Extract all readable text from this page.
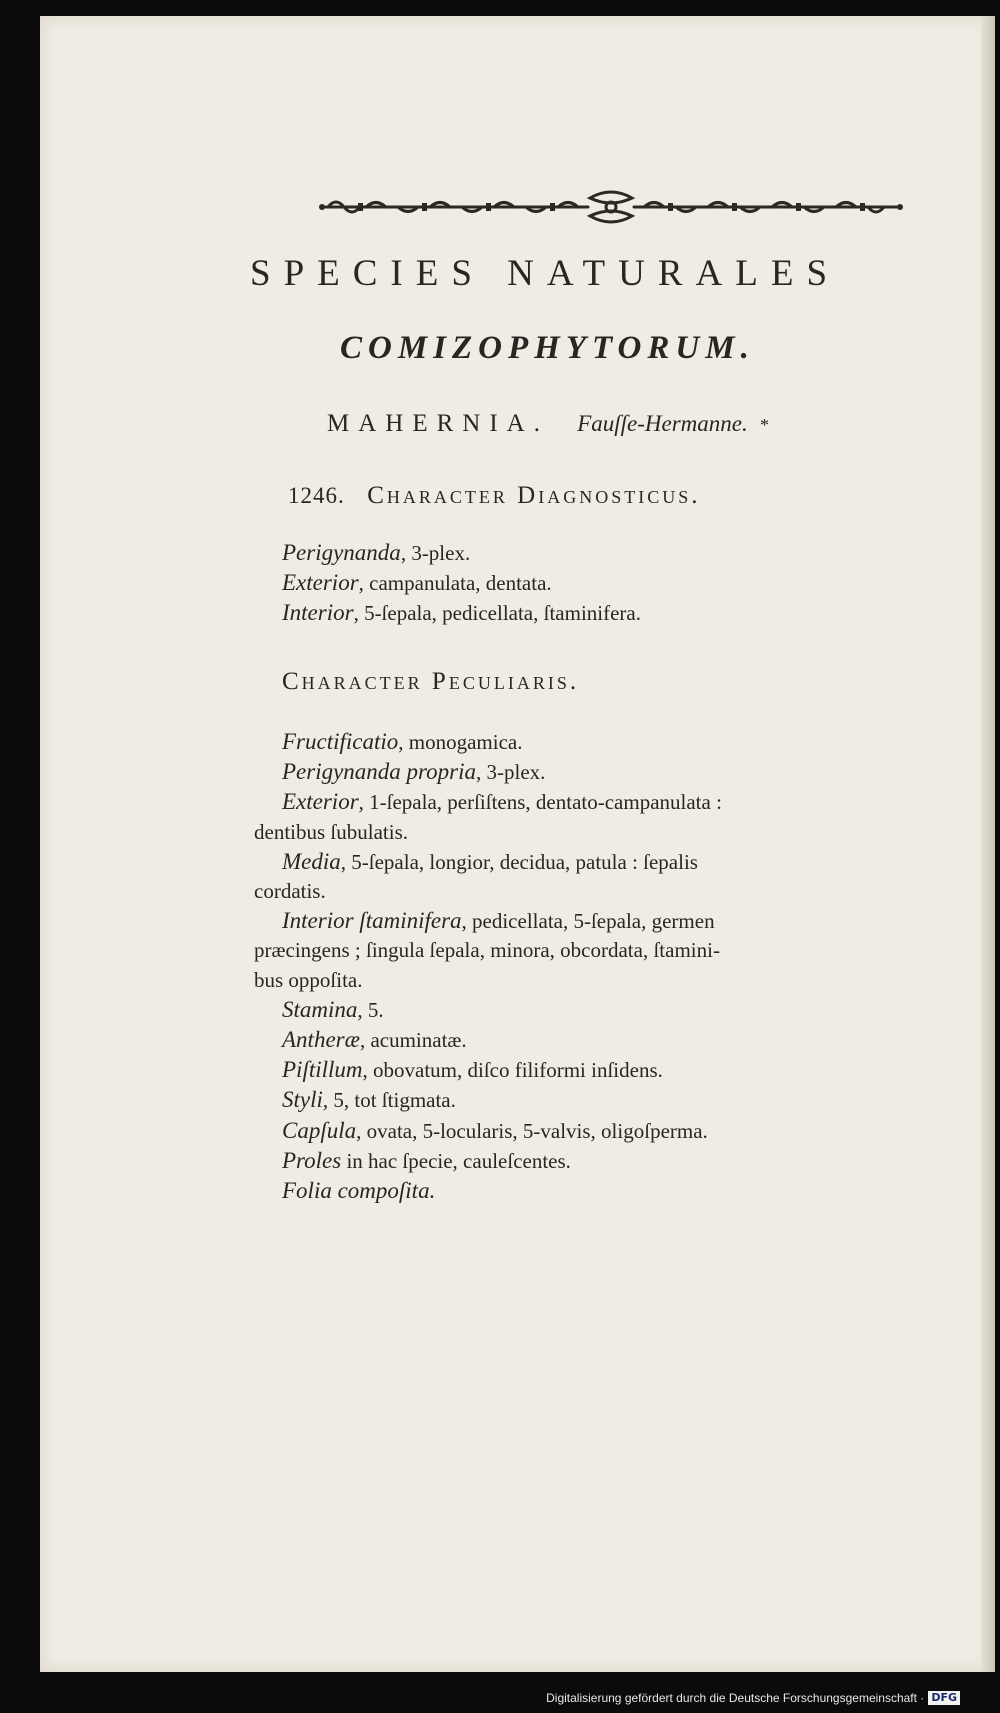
SPECIES NATURALES
COMIZOPHYTORUM.
MAHERNIA. Fauſſe-Hermanne. *
1246. Character Diagnosticus.
Perigynanda, 3-plex.
Exterior, campanulata, dentata.
Interior, 5-ſepala, pedicellata, ſtaminifera.
Character Peculiaris.
Fructificatio, monogamica.
Perigynanda propria, 3-plex.
Exterior, 1-ſepala, perſiſtens, dentato-campanulata :
dentibus ſubulatis.
Media, 5-ſepala, longior, decidua, patula : ſepalis
cordatis.
Interior ſtaminifera, pedicellata, 5-ſepala, germen
præcingens ; ſingula ſepala, minora, obcordata, ſtamini-
bus oppoſita.
Stamina, 5.
Antheræ, acuminatæ.
Piſtillum, obovatum, diſco filiformi inſidens.
Styli, 5, tot ſtigmata.
Capſula, ovata, 5-locularis, 5-valvis, oligoſperma.
Proles in hac ſpecie, cauleſcentes.
Folia compoſita.
Digitalisierung gefördert durch die Deutsche Forschungsgemeinschaft · DFG
